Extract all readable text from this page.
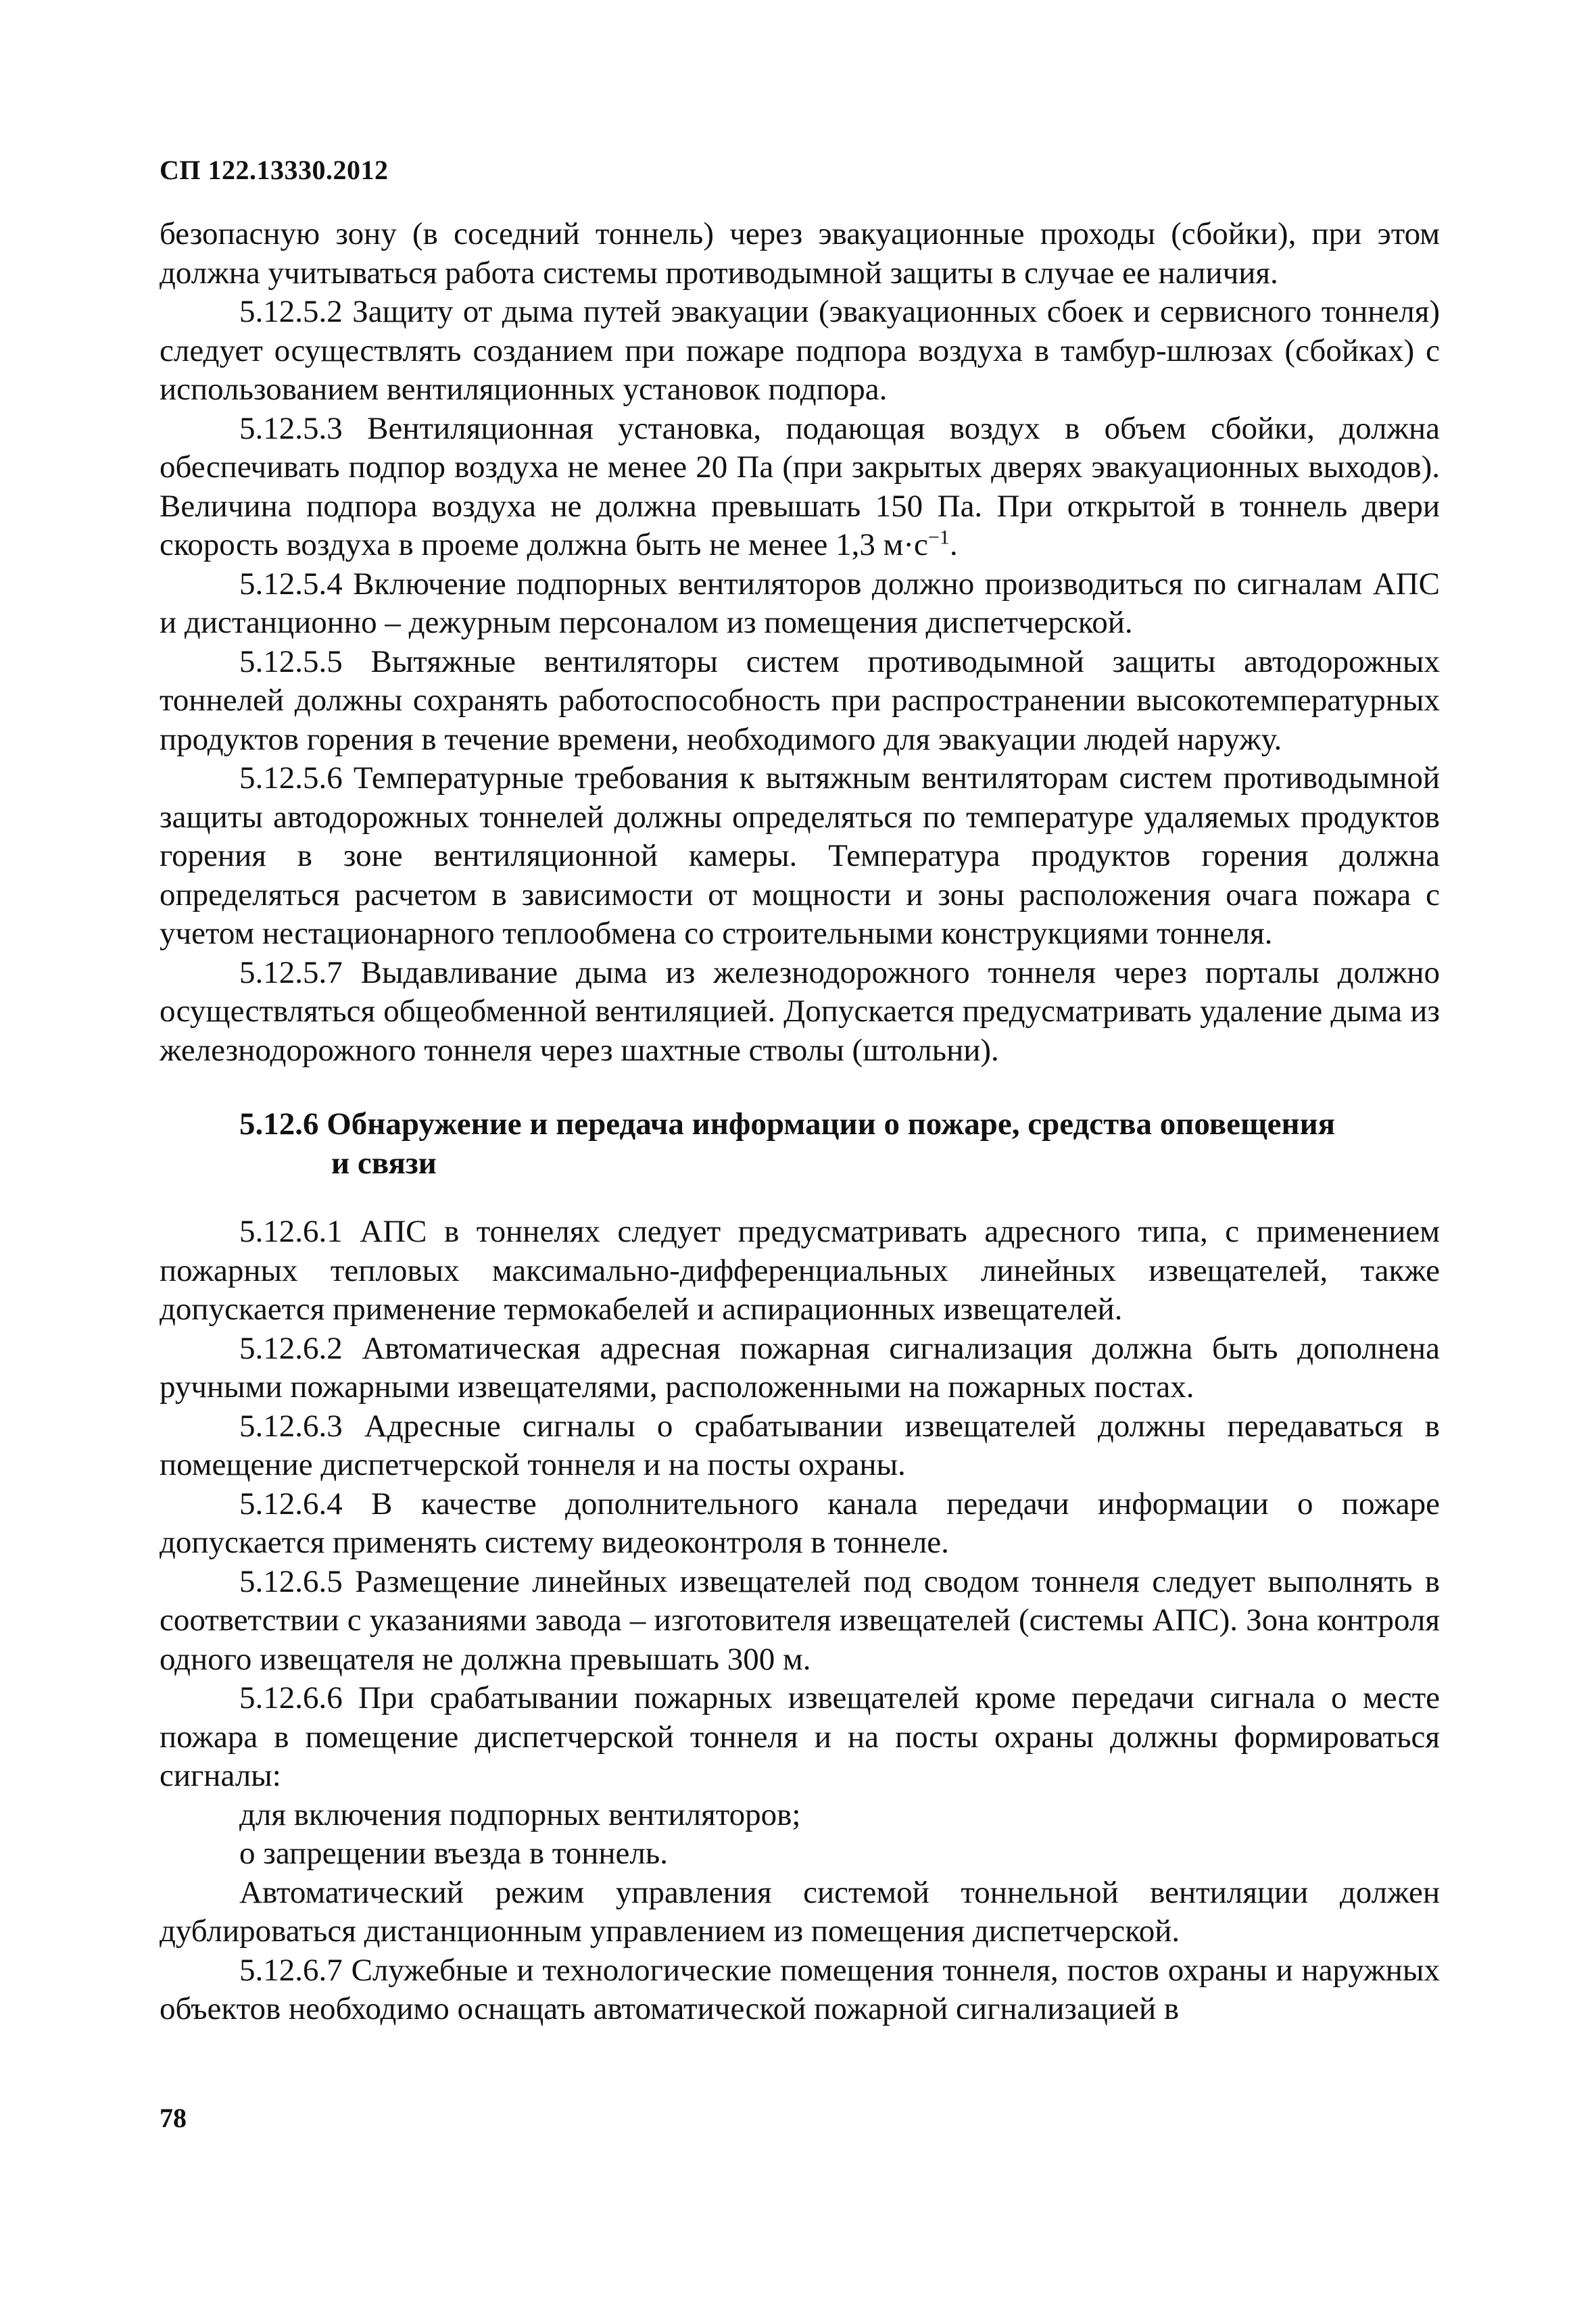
СП 122.13330.2012

безопасную зону (в соседний тоннель) через эвакуационные проходы (сбойки), при этом должна учитываться работа системы противодымной защиты в случае ее наличия.

5.12.5.2 Защиту от дыма путей эвакуации (эвакуационных сбоек и сервисного тоннеля) следует осуществлять созданием при пожаре подпора воздуха в тамбур-шлюзах (сбойках) с использованием вентиляционных установок подпора.

5.12.5.3 Вентиляционная установка, подающая воздух в объем сбойки, должна обеспечивать подпор воздуха не менее 20 Па (при закрытых дверях эвакуационных выходов). Величина подпора воздуха не должна превышать 150 Па. При открытой в тоннель двери скорость воздуха в проеме должна быть не менее 1,3 $м\cdot с^{-1}$.

5.12.5.4 Включение подпорных вентиляторов должно производиться по сигналам АПС и дистанционно – дежурным персоналом из помещения диспетчерской.

5.12.5.5 Вытяжные вентиляторы систем противодымной защиты автодорожных тоннелей должны сохранять работоспособность при распространении высокотемпературных продуктов горения в течение времени, необходимого для эвакуации людей наружу.

5.12.5.6 Температурные требования к вытяжным вентиляторам систем противодымной защиты автодорожных тоннелей должны определяться по температуре удаляемых продуктов горения в зоне вентиляционной камеры. Температура продуктов горения должна определяться расчетом в зависимости от мощности и зоны расположения очага пожара с учетом нестационарного теплообмена со строительными конструкциями тоннеля.

5.12.5.7 Выдавливание дыма из железнодорожного тоннеля через порталы должно осуществляться общеобменной вентиляцией. Допускается предусматривать удаление дыма из железнодорожного тоннеля через шахтные стволы (штольни).

5.12.6 Обнаружение и передача информации о пожаре, средства оповещения
и связи

5.12.6.1 АПС в тоннелях следует предусматривать адресного типа, с применением пожарных тепловых максимально-дифференциальных линейных извещателей, также допускается применение термокабелей и аспирационных извещателей.

5.12.6.2 Автоматическая адресная пожарная сигнализация должна быть дополнена ручными пожарными извещателями, расположенными на пожарных постах.

5.12.6.3 Адресные сигналы о срабатывании извещателей должны передаваться в помещение диспетчерской тоннеля и на посты охраны.

5.12.6.4 В качестве дополнительного канала передачи информации о пожаре допускается применять систему видеоконтроля в тоннеле.

5.12.6.5 Размещение линейных извещателей под сводом тоннеля следует выполнять в соответствии с указаниями завода – изготовителя извещателей (системы АПС). Зона контроля одного извещателя не должна превышать 300 м.

5.12.6.6 При срабатывании пожарных извещателей кроме передачи сигнала о месте пожара в помещение диспетчерской тоннеля и на посты охраны должны формироваться сигналы:

для включения подпорных вентиляторов;

о запрещении въезда в тоннель.

Автоматический режим управления системой тоннельной вентиляции должен дублироваться дистанционным управлением из помещения диспетчерской.

5.12.6.7 Служебные и технологические помещения тоннеля, постов охраны и наружных объектов необходимо оснащать автоматической пожарной сигнализацией в

78
